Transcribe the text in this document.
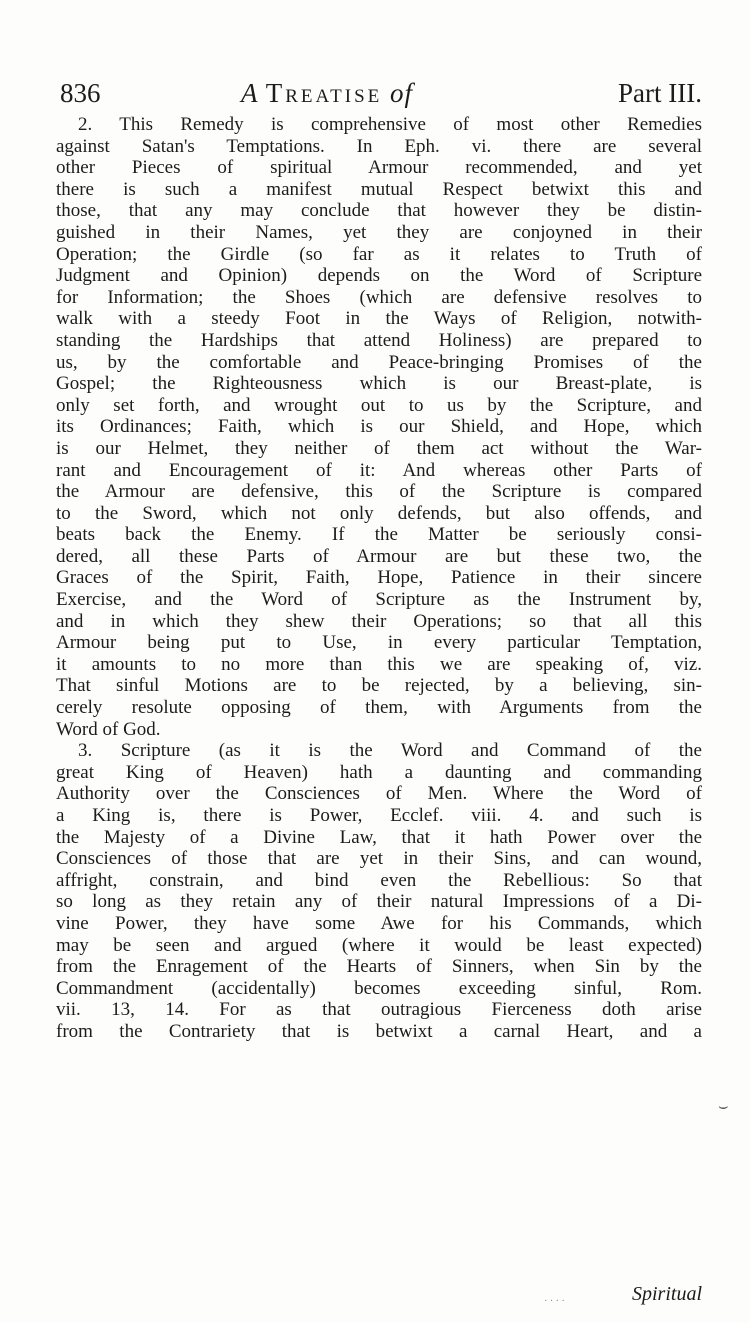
836	A Treatise of	Part III.
2. This Remedy is comprehensive of most other Remedies
against Satan's Temptations. In Eph. vi. there are several
other Pieces of spiritual Armour recommended, and yet
there is such a manifest mutual Respect betwixt this and
those, that any may conclude that however they be distin-
guished in their Names, yet they are conjoyned in their
Operation; the Girdle (so far as it relates to Truth of
Judgment and Opinion) depends on the Word of Scripture
for Information; the Shoes (which are defensive resolves to
walk with a steedy Foot in the Ways of Religion, notwith-
standing the Hardships that attend Holiness) are prepared to
us, by the comfortable and Peace-bringing Promises of the
Gospel; the Righteousness which is our Breast-plate, is
only set forth, and wrought out to us by the Scripture, and
its Ordinances; Faith, which is our Shield, and Hope, which
is our Helmet, they neither of them act without the War-
rant and Encouragement of it: And whereas other Parts of
the Armour are defensive, this of the Scripture is compared
to the Sword, which not only defends, but also offends, and
beats back the Enemy. If the Matter be seriously consi-
dered, all these Parts of Armour are but these two, the
Graces of the Spirit, Faith, Hope, Patience in their sincere
Exercise, and the Word of Scripture as the Instrument by,
and in which they shew their Operations; so that all this
Armour being put to Use, in every particular Temptation,
it amounts to no more than this we are speaking of, viz.
That sinful Motions are to be rejected, by a believing, sin-
cerely resolute opposing of them, with Arguments from the
Word of God.
3. Scripture (as it is the Word and Command of the
great King of Heaven) hath a daunting and commanding
Authority over the Consciences of Men. Where the Word of
a King is, there is Power, Ecclef. viii. 4. and such is
the Majesty of a Divine Law, that it hath Power over the
Consciences of those that are yet in their Sins, and can wound,
affright, constrain, and bind even the Rebellious: So that
so long as they retain any of their natural Impressions of a Di-
vine Power, they have some Awe for his Commands, which
may be seen and argued (where it would be least expected)
from the Enragement of the Hearts of Sinners, when Sin by the
Commandment (accidentally) becomes exceeding sinful, Rom.
vii. 13, 14. For as that outragious Fierceness doth arise
from the Contrariety that is betwixt a carnal Heart, and a
Spiritual
· · · ·
⌣
